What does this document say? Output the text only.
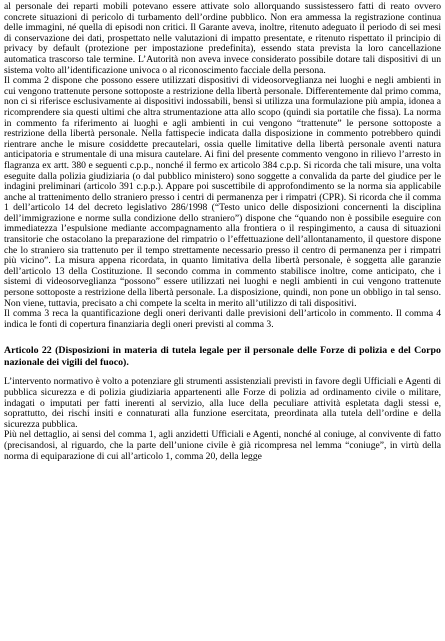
al personale dei reparti mobili potevano essere attivate solo allorquando sussistessero fatti di reato ovvero concrete situazioni di pericolo di turbamento dell’ordine pubblico. Non era ammessa la registrazione continua delle immagini, né quella di episodi non critici. Il Garante aveva, inoltre, ritenuto adeguato il periodo di sei mesi di conservazione dei dati, prospettato nelle valutazioni di impatto presentate, e ritenuto rispettato il principio di privacy by default (protezione per impostazione predefinita), essendo stata prevista la loro cancellazione automatica trascorso tale termine. L’Autorità non aveva invece considerato possibile dotare tali dispositivi di un sistema volto all’identificazione univoca o al riconoscimento facciale della persona.

Il comma 2 dispone che possono essere utilizzati dispositivi di videosorveglianza nei luoghi e negli ambienti in cui vengono trattenute persone sottoposte a restrizione della libertà personale. Differentemente dal primo comma, non ci si riferisce esclusivamente ai dispositivi indossabili, bensì si utilizza una formulazione più ampia, idonea a ricomprendere sia questi ultimi che altra strumentazione atta allo scopo (quindi sia portatile che fissa). La norma in commento fa riferimento ai luoghi e agli ambienti in cui vengono “trattenute” le persone sottoposte a restrizione della libertà personale. Nella fattispecie indicata dalla disposizione in commento potrebbero quindi rientrare anche le misure cosiddette precautelari, ossia quelle limitative della libertà personale aventi natura anticipatoria e strumentale di una misura cautelare. Ai fini del presente commento vengono in rilievo l’arresto in flagranza ex artt. 380 e seguenti c.p.p., nonché il fermo ex articolo 384 c.p.p. Si ricorda che tali misure, una volta eseguite dalla polizia giudiziaria (o dal pubblico ministero) sono soggette a convalida da parte del giudice per le indagini preliminari (articolo 391 c.p.p.). Appare poi suscettibile di approfondimento se la norma sia applicabile anche al trattenimento dello straniero presso i centri di permanenza per i rimpatri (CPR). Si ricorda che il comma 1 dell’articolo 14 del decreto legislativo 286/1998 (“Testo unico delle disposizioni concernenti la disciplina dell’immigrazione e norme sulla condizione dello straniero”) dispone che “quando non è possibile eseguire con immediatezza l’espulsione mediante accompagnamento alla frontiera o il respingimento, a causa di situazioni transitorie che ostacolano la preparazione del rimpatrio o l’effettuazione dell’allontanamento, il questore dispone che lo straniero sia trattenuto per il tempo strettamente necessario presso il centro di permanenza per i rimpatri più vicino”. La misura appena ricordata, in quanto limitativa della libertà personale, è soggetta alle garanzie dell’articolo 13 della Costituzione. Il secondo comma in commento stabilisce inoltre, come anticipato, che i sistemi di videosorveglianza “possono” essere utilizzati nei luoghi e negli ambienti in cui vengono trattenute persone sottoposte a restrizione della libertà personale. La disposizione, quindi, non pone un obbligo in tal senso. Non viene, tuttavia, precisato a chi compete la scelta in merito all’utilizzo di tali dispositivi.

Il comma 3 reca la quantificazione degli oneri derivanti dalle previsioni dell’articolo in commento. Il comma 4 indica le fonti di copertura finanziaria degli oneri previsti al comma 3.

Articolo 22 (Disposizioni in materia di tutela legale per il personale delle Forze di polizia e del Corpo nazionale dei vigili del fuoco).

L’intervento normativo è volto a potenziare gli strumenti assistenziali previsti in favore degli Ufficiali e Agenti di pubblica sicurezza e di polizia giudiziaria appartenenti alle Forze di polizia ad ordinamento civile o militare, indagati o imputati per fatti inerenti al servizio, alla luce della peculiare attività espletata dagli stessi e, soprattutto, dei rischi insiti e connaturati alla funzione esercitata, preordinata alla tutela dell’ordine e della sicurezza pubblica.

Più nel dettaglio, ai sensi del comma 1, agli anzidetti Ufficiali e Agenti, nonché al coniuge, al convivente di fatto (precisandosi, al riguardo, che la parte dell’unione civile è già ricompresa nel lemma “coniuge”, in virtù della norma di equiparazione di cui all’articolo 1, comma 20, della legge
